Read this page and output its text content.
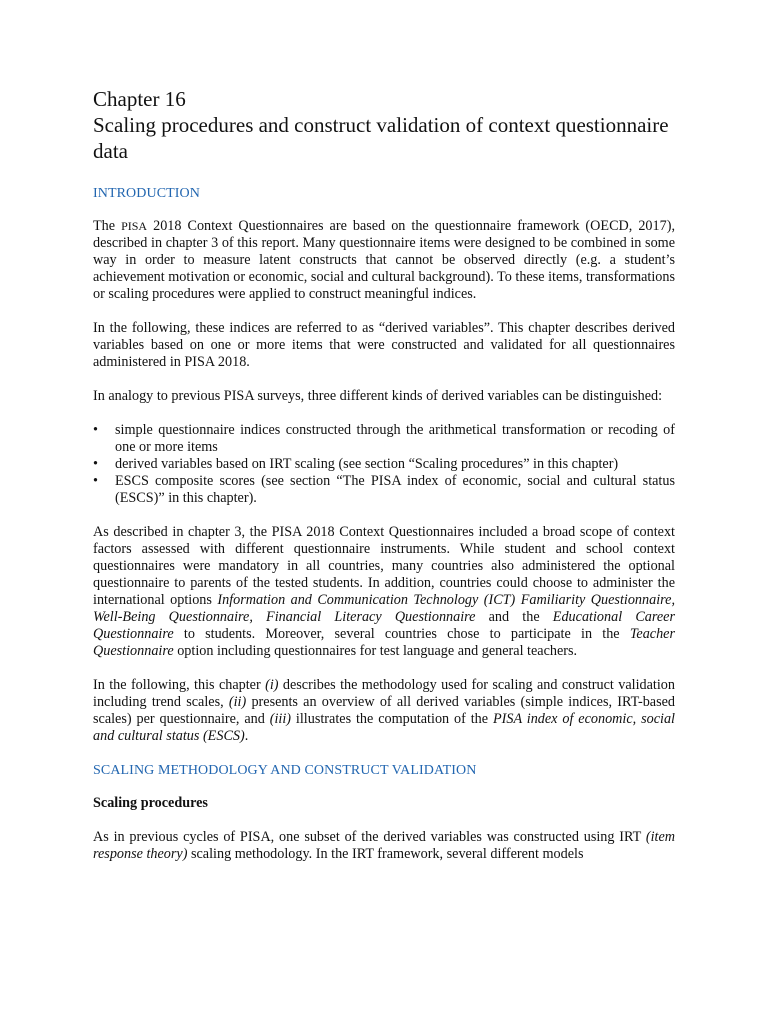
Chapter 16
Scaling procedures and construct validation of context questionnaire data
INTRODUCTION

The PISA 2018 Context Questionnaires are based on the questionnaire framework (OECD, 2017), described in chapter 3 of this report. Many questionnaire items were designed to be combined in some way in order to measure latent constructs that cannot be observed directly (e.g. a student’s achievement motivation or economic, social and cultural background). To these items, transformations or scaling procedures were applied to construct meaningful indices.

In the following, these indices are referred to as “derived variables”. This chapter describes derived variables based on one or more items that were constructed and validated for all questionnaires administered in PISA 2018.

In analogy to previous PISA surveys, three different kinds of derived variables can be distinguished:

•	simple questionnaire indices constructed through the arithmetical transformation or recoding of one or more items
•	derived variables based on IRT scaling (see section “Scaling procedures” in this chapter)
•	ESCS composite scores (see section “The PISA index of economic, social and cultural status (ESCS)” in this chapter).

As described in chapter 3, the PISA 2018 Context Questionnaires included a broad scope of context factors assessed with different questionnaire instruments. While student and school context questionnaires were mandatory in all countries, many countries also administered the optional questionnaire to parents of the tested students. In addition, countries could choose to administer the international options Information and Communication Technology (ICT) Familiarity Questionnaire, Well-Being Questionnaire, Financial Literacy Questionnaire and the Educational Career Questionnaire to students. Moreover, several countries chose to participate in the Teacher Questionnaire option including questionnaires for test language and general teachers.

In the following, this chapter (i) describes the methodology used for scaling and construct validation including trend scales, (ii) presents an overview of all derived variables (simple indices, IRT-based scales) per questionnaire, and (iii) illustrates the computation of the PISA index of economic, social and cultural status (ESCS).

SCALING METHODOLOGY AND CONSTRUCT VALIDATION
Scaling procedures

As in previous cycles of PISA, one subset of the derived variables was constructed using IRT (item response theory) scaling methodology. In the IRT framework, several different models
